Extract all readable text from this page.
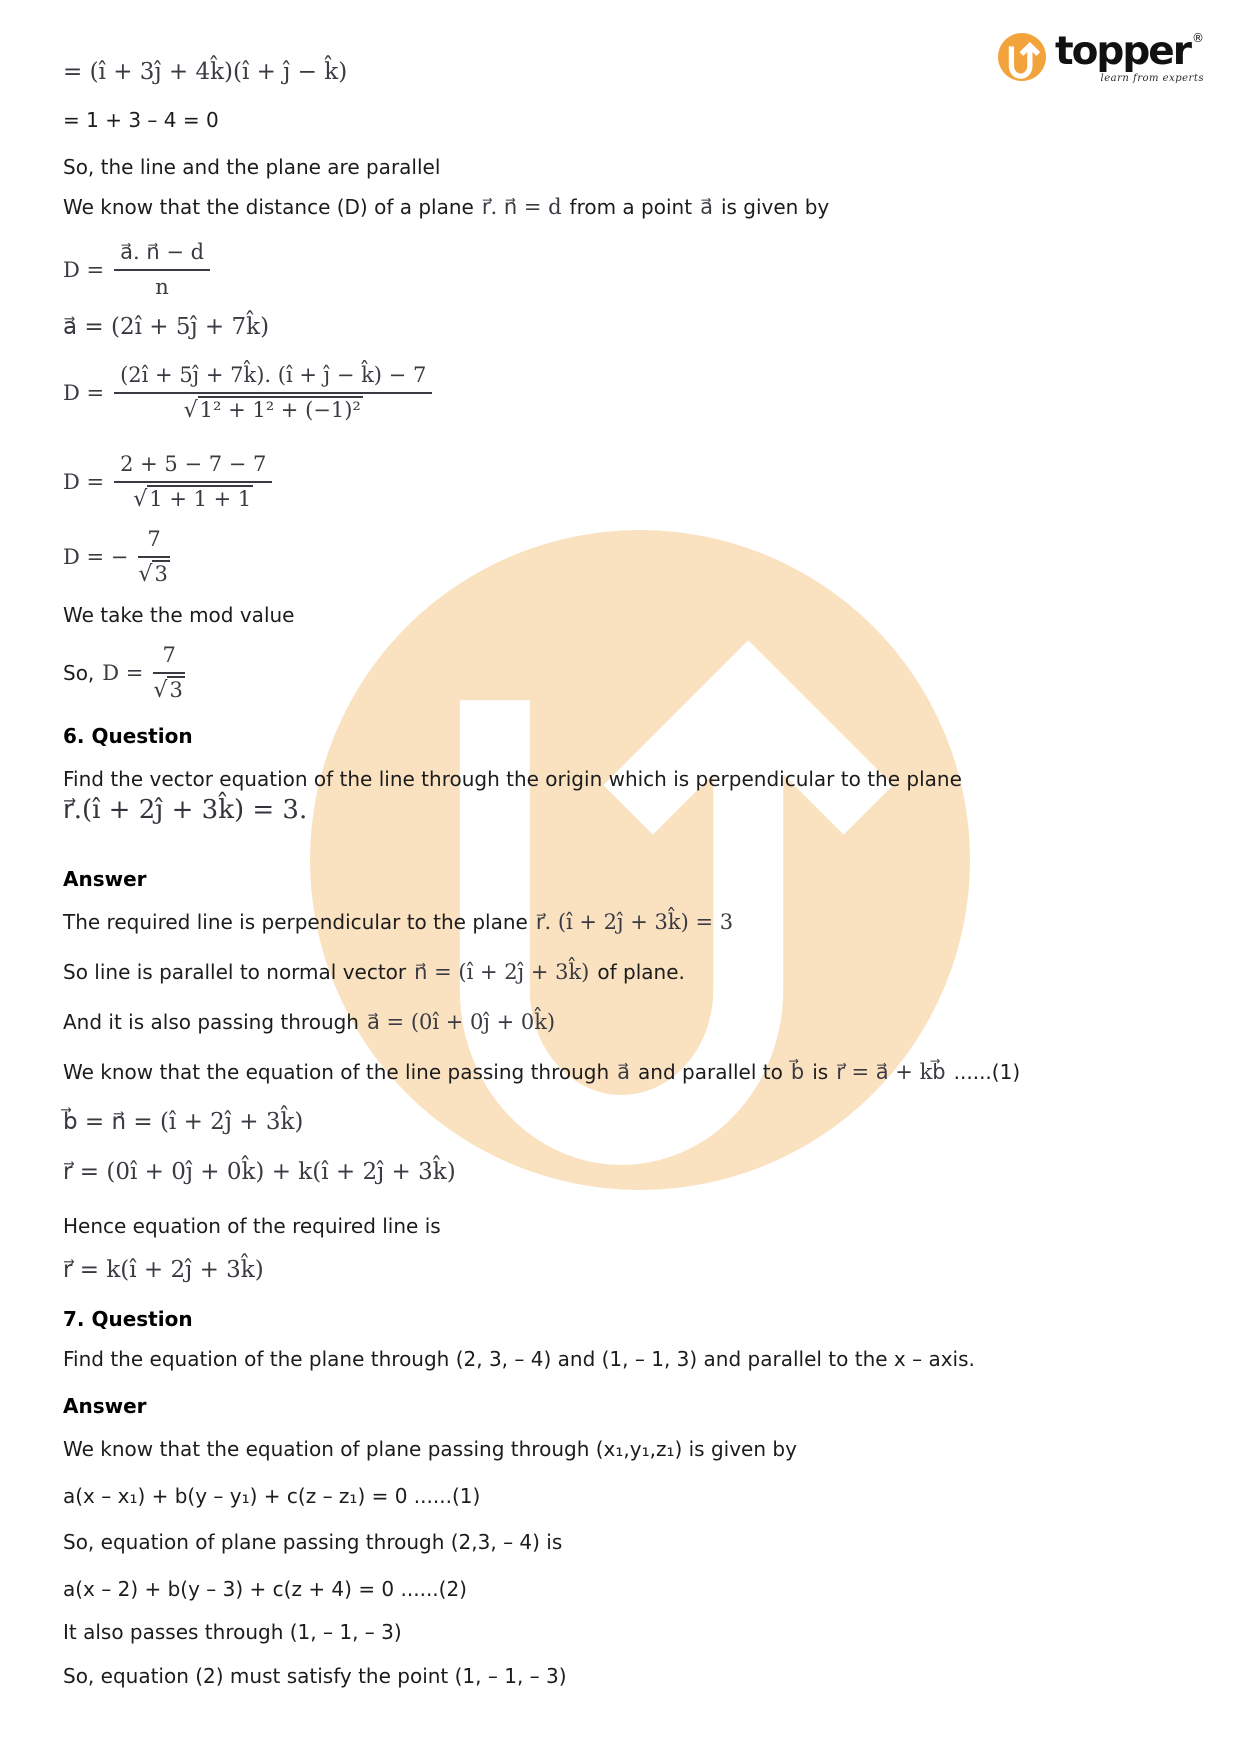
topper ®
learn from experts
= (î + 3ĵ + 4k̂)(î + ĵ − k̂)
= 1 + 3 – 4 = 0
So, the line and the plane are parallel
We know that the distance (D) of a plane r⃗. n⃗ = d from a point a⃗ is given by
$D = \frac{a⃗. n⃗ - d}{n}$
a⃗ = (2î + 5ĵ + 7k̂)
$D = \frac{(2î + 5ĵ + 7k̂). (î + ĵ - k̂) - 7}{\text{√1² + 1² + (−1)²}}$
$D = \frac{2 + 5 - 7 - 7}{√1 + 1 + 1}$
D = − $\frac{7}{√3}$
We take the mod value
So, $D = \frac{7}{√3}$
6. Question
Find the vector equation of the line through the origin which is perpendicular to the plane
r⃗.(î + 2ĵ + 3k̂) = 3.
Answer
The required line is perpendicular to the plane r⃗. (î + 2ĵ + 3k̂) = 3
So line is parallel to normal vector n⃗ = (î + 2ĵ + 3k̂) of plane.
And it is also passing through a⃗ = (0î + 0ĵ + 0k̂)
We know that the equation of the line passing through a⃗ and parallel to b⃗ is r⃗ = a⃗ + kb⃗ ......(1)
b⃗ = n⃗ = (î + 2ĵ + 3k̂)
r⃗ = (0î + 0ĵ + 0k̂) + k(î + 2ĵ + 3k̂)
Hence equation of the required line is
r⃗ = k(î + 2ĵ + 3k̂)
7. Question
Find the equation of the plane through (2, 3, – 4) and (1, – 1, 3) and parallel to the x – axis.
Answer
We know that the equation of plane passing through (x₁,y₁,z₁) is given by
a(x – x₁) + b(y – y₁) + c(z – z₁) = 0 ......(1)
So, equation of plane passing through (2,3, – 4) is
a(x – 2) + b(y – 3) + c(z + 4) = 0 ......(2)
It also passes through (1, – 1, – 3)
So, equation (2) must satisfy the point (1, – 1, – 3)
